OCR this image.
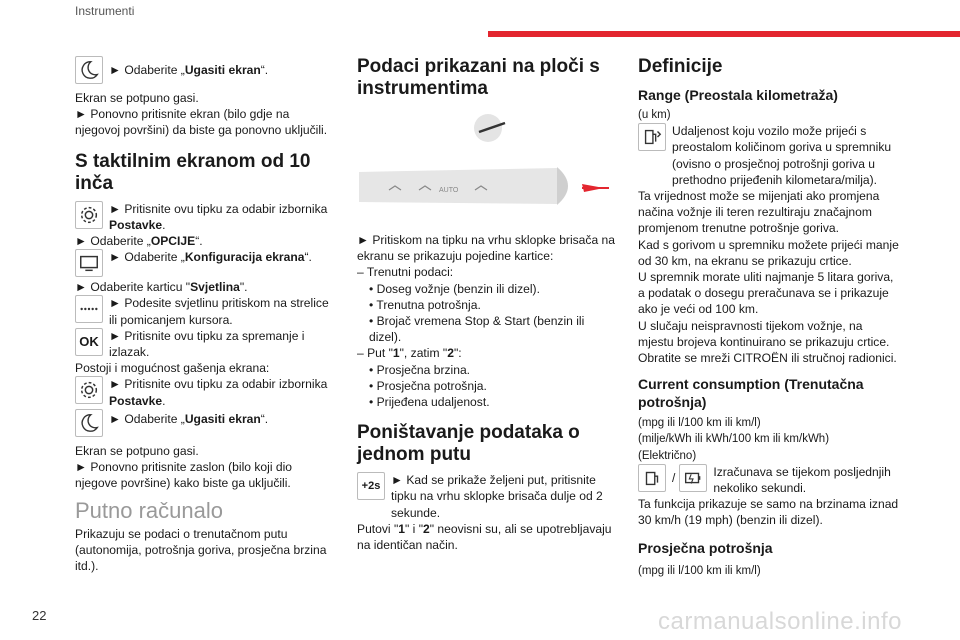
Instrumenti

► Odaberite „Ugasiti ekran“.

Ekran se potpuno gasi.

► Ponovno pritisnite ekran (bilo gdje na njegovoj površini) da biste ga ponovno uključili.

S taktilnim ekranom od 10 inča

► Pritisnite ovu tipku za odabir izbornika Postavke.

► Odaberite „OPCIJE“.

► Odaberite „Konfiguracija ekrana“.

► Odaberite karticu "Svjetlina".

► Podesite svjetlinu pritiskom na strelice ili pomicanjem kursora.

OK ► Pritisnite ovu tipku za spremanje i izlazak.

Postoji i mogućnost gašenja ekrana:

► Pritisnite ovu tipku za odabir izbornika Postavke.

► Odaberite „Ugasiti ekran“.

Ekran se potpuno gasi.

► Ponovno pritisnite zaslon (bilo koji dio njegove površine) kako biste ga uključili.

Putno računalo

Prikazuju se podaci o trenutačnom putu (autonomija, potrošnja goriva, prosječna brzina itd.).

Podaci prikazani na ploči s instrumentima

AUTO

► Pritiskom na tipku na vrhu sklopke brisača na ekranu se prikazuju pojedine kartice:

– Trenutni podaci:

• Doseg vožnje (benzin ili dizel).

• Trenutna potrošnja.

• Brojač vremena Stop & Start (benzin ili dizel).

– Put "1", zatim "2":

• Prosječna brzina.

• Prosječna potrošnja.

• Prijeđena udaljenost.

Poništavanje podataka o jednom putu

+2s ► Kad se prikaže željeni put, pritisnite tipku na vrhu sklopke brisača dulje od 2 sekunde.

Putovi "1" i "2" neovisni su, ali se upotrebljavaju na identičan način.

Definicije

Range (Preostala kilometraža)

(u km)

Udaljenost koju vozilo može prijeći s preostalom količinom goriva u spremniku (ovisno o prosječnoj potrošnji goriva u prethodno prijeđenih kilometara/milja).

Ta vrijednost može se mijenjati ako promjena načina vožnje ili teren rezultiraju značajnom promjenom trenutne potrošnje goriva.

Kad s gorivom u spremniku možete prijeći manje od 30 km, na ekranu se prikazuju crtice.

U spremnik morate uliti najmanje 5 litara goriva, a podatak o dosegu preračunava se i prikazuje ako je veći od 100 km.

U slučaju neispravnosti tijekom vožnje, na mjestu brojeva kontinuirano se prikazuju crtice. Obratite se mreži CITROËN ili stručnoj radionici.

Current consumption (Trenutačna potrošnja)

(mpg ili l/100 km ili km/l)

(milje/kWh ili kWh/100 km ili km/kWh)

(Električno)

/	Izračunava se tijekom posljednjih nekoliko sekundi.

Ta funkcija prikazuje se samo na brzinama iznad 30 km/h (19 mph) (benzin ili dizel).

Prosječna potrošnja

(mpg ili l/100 km ili km/l)

22	carmanualsonline.info
